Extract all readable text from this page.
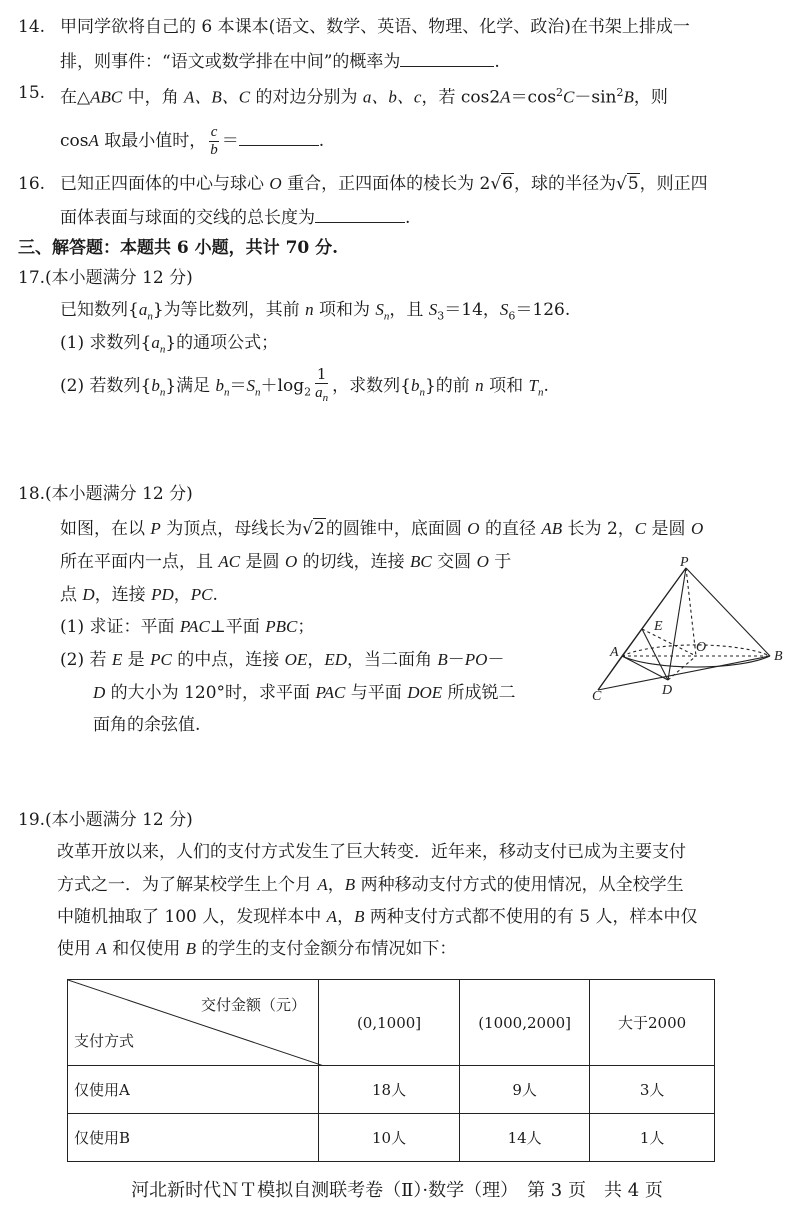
14. 甲同学欲将自己的 6 本课本(语文、数学、英语、物理、化学、政治)在书架上排成一
排，则事件：“语文或数学排在中间”的概率为	.
15. 在△ABC 中，角 A、B、C 的对边分别为 a、b、c，若 $\cos 2A=\cos^2C-\sin^2B$，则
cosA 取最小值时， $\frac{c}{b}$ ＝	.
16. 已知正四面体的中心与球心 O 重合，正四面体的棱长为 2√6，球的半径为√5，则正四
面体表面与球面的交线的总长度为	.
三、解答题：本题共 6 小题，共计 70 分.
17.(本小题满分 12 分)
已知数列$\{a_n\}$为等比数列，其前 n 项和为 $S_n$，且 $S_3=14$，$S_6=126$.
(1) 求数列$\{a_n\}$的通项公式；
(2) 若数列$\{b_n\}$满足 $b_n=S_n+\log_2 \frac{1}{a_n}$ ，求数列$\{b_n\}$的前 n 项和 $T_n$.
18.(本小题满分 12 分)
如图，在以 P 为顶点，母线长为√2的圆锥中，底面圆 O 的直径 AB 长为 2，C 是圆 O
所在平面内一点，且 AC 是圆 O 的切线，连接 BC 交圆 O 于
点 D，连接 PD，PC.
(1) 求证：平面 PAC⊥平面 PBC；
(2) 若 E 是 PC 的中点，连接 OE，ED，当二面角 B－PO－
D 的大小为 120°时，求平面 PAC 与平面 DOE 所成锐二
面角的余弦值.
P
E
A	O
B
D
C
19.(本小题满分 12 分)
改革开放以来，人们的支付方式发生了巨大转变．近年来，移动支付已成为主要支付
方式之一．为了解某校学生上个月 A，B 两种移动支付方式的使用情况，从全校学生
中随机抽取了 100 人，发现样本中 A，B 两种支付方式都不使用的有 5 人，样本中仅
使用 A 和仅使用 B 的学生的支付金额分布情况如下：
交付金额（元）
支付方式	(0,1000]	(1000,2000]	大于2000
仅使用A	18人	9人	3人
仅使用B	10人	14人	1人
河北新时代ＮＴ模拟自测联考卷（Ⅱ）·数学（理）　第 3 页　共 4 页
